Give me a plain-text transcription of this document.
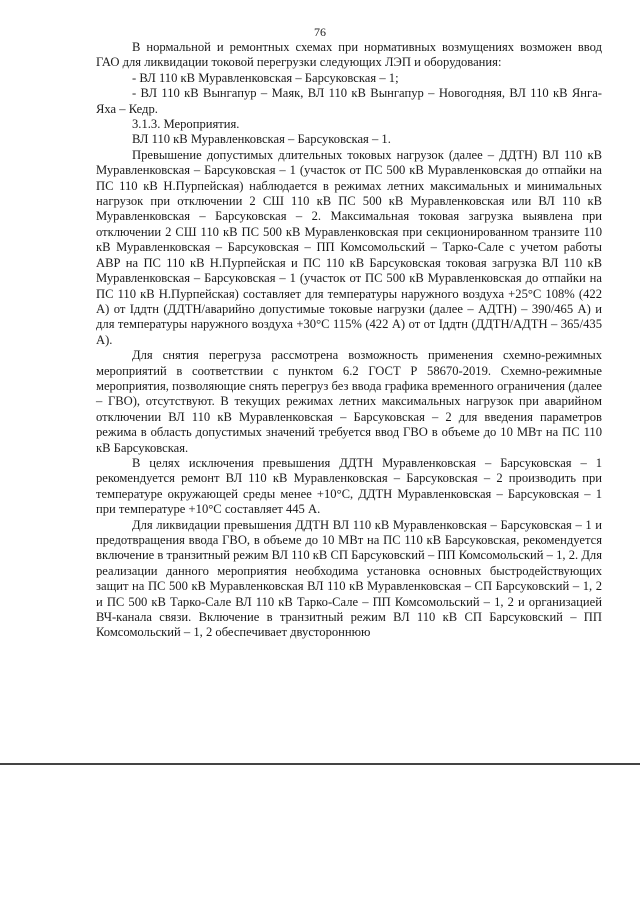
76

В нормальной и ремонтных схемах при нормативных возмущениях возможен ввод ГАО для ликвидации токовой перегрузки следующих ЛЭП и оборудования:

- ВЛ 110 кВ Муравленковская – Барсуковская – 1;

- ВЛ 110 кВ Вынгапур – Маяк, ВЛ 110 кВ Вынгапур – Новогодняя, ВЛ 110 кВ Янга-Яха – Кедр.

3.1.3. Мероприятия.

ВЛ 110 кВ Муравленковская – Барсуковская – 1.

Превышение допустимых длительных токовых нагрузок (далее – ДДТН) ВЛ 110 кВ Муравленковская – Барсуковская – 1 (участок от ПС 500 кВ Муравленковская до отпайки на ПС 110 кВ Н.Пурпейская) наблюдается в режимах летних максимальных и минимальных нагрузок при отключении 2 СШ 110 кВ ПС 500 кВ Муравленковская или ВЛ 110 кВ Муравленковская – Барсуковская – 2. Максимальная токовая загрузка выявлена при отключении 2 СШ 110 кВ ПС 500 кВ Муравленковская при секционированном транзите 110 кВ Муравленковская – Барсуковская – ПП Комсомольский – Тарко-Сале с учетом работы АВР на ПС 110 кВ Н.Пурпейская и ПС 110 кВ Барсуковская токовая загрузка ВЛ 110 кВ Муравленковская – Барсуковская – 1 (участок от ПС 500 кВ Муравленковская до отпайки на ПС 110 кВ Н.Пурпейская) составляет для температуры наружного воздуха +25°С 108% (422 А) от Iддтн (ДДТН/аварийно допустимые токовые нагрузки (далее – АДТН) – 390/465 А) и для температуры наружного воздуха +30°С 115% (422 А) от от Iддтн (ДДТН/АДТН – 365/435 А).

Для снятия перегруза рассмотрена возможность применения схемно-режимных мероприятий в соответствии с пунктом 6.2 ГОСТ Р 58670-2019. Схемно-режимные мероприятия, позволяющие снять перегруз без ввода графика временного ограничения (далее – ГВО), отсутствуют. В текущих режимах летних максимальных нагрузок при аварийном отключении ВЛ 110 кВ Муравленковская – Барсуковская – 2 для введения параметров режима в область допустимых значений требуется ввод ГВО в объеме до 10 МВт на ПС 110 кВ Барсуковская.

В целях исключения превышения ДДТН Муравленковская – Барсуковская – 1 рекомендуется ремонт ВЛ 110 кВ Муравленковская – Барсуковская – 2 производить при температуре окружающей среды менее +10°С, ДДТН Муравленковская – Барсуковская – 1 при температуре +10°С составляет 445 А.

Для ликвидации превышения ДДТН ВЛ 110 кВ Муравленковская – Барсуковская – 1 и предотвращения ввода ГВО, в объеме до 10 МВт на ПС 110 кВ Барсуковская, рекомендуется включение в транзитный режим ВЛ 110 кВ СП Барсуковский – ПП Комсомольский – 1, 2. Для реализации данного мероприятия необходима установка основных быстродействующих защит на ПС 500 кВ Муравленковская ВЛ 110 кВ Муравленковская – СП Барсуковский – 1, 2 и ПС 500 кВ Тарко-Сале ВЛ 110 кВ Тарко-Сале – ПП Комсомольский – 1, 2 и организацией ВЧ-канала связи. Включение в транзитный режим ВЛ 110 кВ СП Барсуковский – ПП Комсомольский – 1, 2 обеспечивает двустороннюю
